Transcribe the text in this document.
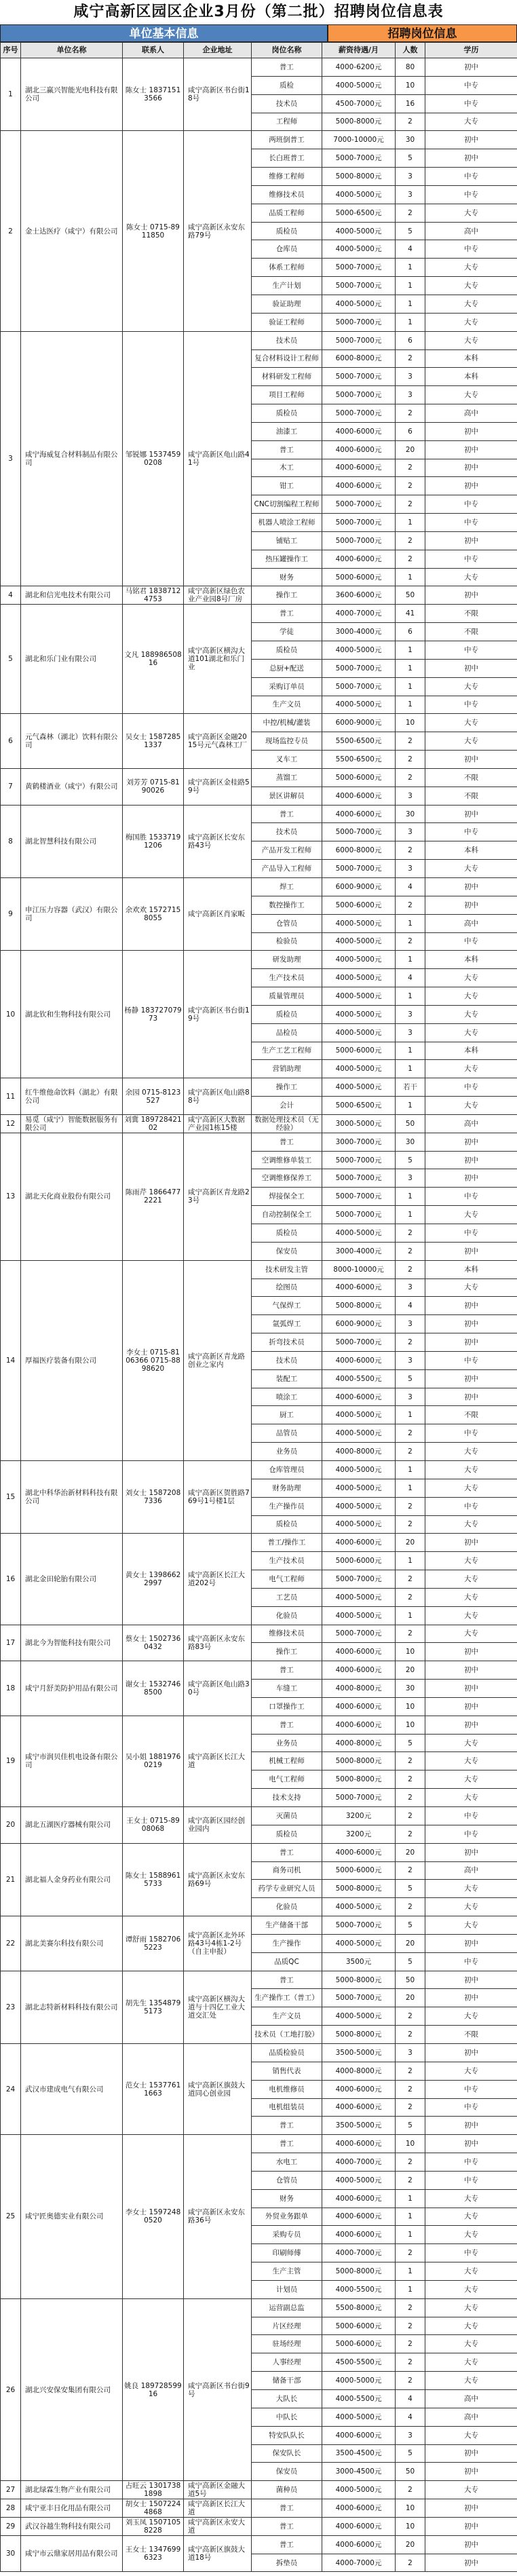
咸宁高新区园区企业3月份（第二批）招聘岗位信息表
单位基本信息	招聘岗位信息
序号	单位名称	联系人	企业地址	岗位名称	薪资待遇/月	人数	学历
1	湖北三赢兴智能光电科技有限公司	陈女士 18371513566	咸宁高新区书台街18号	普工	4000-6200元	80	初中
				质检	4000-5000元	10	中专
				技术员	4500-7000元	16	中专
				工程师	5000-8000元	2	大专
2	金士达医疗（咸宁）有限公司	陈女士 0715-8911850	咸宁高新区永安东路79号	两班倒普工	7000-10000元	30	初中
				长白班普工	5000-7000元	5	初中
				维修工程师	5000-8000元	3	中专
				维修技术员	4000-5000元	3	中专
				品质工程师	5000-6500元	2	大专
				质检员	4000-5000元	5	高中
				仓库员	4000-5000元	4	中专
				体系工程师	5000-7000元	1	大专
				生产计划	5000-7000元	1	大专
				验证助理	4000-5000元	1	大专
				验证工程师	5000-7000元	1	大专
3	咸宁海威复合材料制品有限公司	邹锐娜 15374590208	咸宁高新区龟山路41号	技术员	5000-7000元	6	大专
				复合材料设计工程师	6000-8000元	2	本科
				材料研发工程师	5000-7000元	3	本科
				项目工程师	5000-7000元	3	大专
				质检员	5000-7000元	2	高中
				油漆工	4000-6000元	6	初中
				普工	4000-6000元	20	初中
				木工	4000-6000元	2	初中
				钳工	4000-6000元	2	初中
				CNC切割编程工程师	5000-7000元	2	中专
				机器人喷涂工程师	5000-7000元	1	中专
				铺贴工	5000-7000元	2	初中
				热压罐操作工	4000-6000元	2	中专
				财务	5000-6000元	1	大专
4	湖北和信光电技术有限公司	马铭君 18387124753	咸宁高新区绿色农业产业园8号厂房	操作工	3600-6000元	50	初中
5	湖北和乐门业有限公司	文凡 18898650816	咸宁高新区横沟大道101湖北和乐门业	普工	4000-7000元	41	不限
				学徒	3000-4000元	6	不限
				质检员	4000-5000元	1	中专
				总厨+配送	5000-7000元	1	初中
				采购订单员	5000-7000元	1	大专
				生产文员	4000-5000元	1	中专
6	元气森林（湖北）饮料有限公司	吴女士 15872851337	咸宁高新区金融2015号元气森林工厂	中控/机械/灌装	6000-9000元	10	大专
				现场监控专员	5500-6500元	2	大专
				叉车工	5500-6500元	2	初中
7	黄鹤楼酒业（咸宁）有限公司	刘芳芳 0715-8190026	咸宁高新区金桂路59号	蒸馏工	5000-6000元	2	不限
				景区讲解员	4000-6000元	3	不限
8	湖北智慧科技有限公司	梅国胜 15337191206	咸宁高新区长安东路43号	普工	4000-6000元	30	初中
				技术员	5000-7000元	3	中专
				产品开发工程师	6000-8000元	2	本科
				产品导入工程师	5000-7000元	3	大专
9	申江压力容器（武汉）有限公司	余欢欢 15727158055	咸宁高新区肖家畈	焊工	6000-9000元	4	初中
				数控操作工	5000-6000元	2	初中
				仓管员	4000-5000元	1	高中
				检验员	4000-5000元	2	中专
10	湖北钦和生物科技有限公司	杨静 18372707973	咸宁高新区书台街19号	研发助理	4000-5000元	1	本科
				生产技术员	4000-5000元	4	大专
				质量管理员	4000-5000元	1	大专
				质检员	4000-5000元	3	大专
				品检员	4000-5000元	3	大专
				生产工艺工程师	5000-6000元	1	本科
				营销助理	4000-5000元	1	大专
11	红牛维他命饮料（湖北）有限公司	余园 0715-8123527	咸宁高新区龟山路88号	操作工	4000-5000元	若干	中专
				会计	5000-6500元	1	大专
12	易觅（咸宁）智能数据服务有限公司	刘冀 18972842102	咸宁高新区大数据产业园1栋15楼	数据处理技术员（无经验）	3000-5000元	50	高中
13	湖北天化商业股份有限公司	陈雨芹 18664772221	咸宁高新区青龙路23号	普工	3000-7000元	30	初中
				空调维修单装工	5000-7000元	5	初中
				空调维修保养工	5000-7000元	3	初中
				焊接保全工	5000-7000元	1	中专
				自动控制保全工	5000-7000元	1	大专
				质检员	4000-5000元	2	中专
				保安员	3000-4000元	2	初中
14	厚福医疗装备有限公司	李女士 0715-8106366 0715-8898620	咸宁高新区青龙路创业之家内	技术研发主管	8000-10000元	2	本科
				绘图员	4000-6000元	3	大专
				气保焊工	5000-8000元	4	初中
				氩弧焊工	6000-9000元	3	初中
				折弯技术员	5000-7000元	2	初中
				技术员	4000-6000元	3	中专
				装配工	4000-5500元	5	初中
				喷涂工	4000-6000元	3	初中
				厨工	4000-5000元	1	不限
				品管员	4000-5000元	2	中专
				业务员	4000-8000元	2	大专
15	湖北中科华治新材料科技有限公司	刘女士 15872087336	咸宁高新区贺胜路769号1号楼1层	仓库管理员	4000-5000元	1	大专
				财务助理	4000-5000元	1	大专
				生产操作员	4000-5000元	2	中专
				质检员	4000-5000元	2	大专
16	湖北金田轮胎有限公司	黄女士 13986622997	咸宁高新区长江大道202号	普工/操作工	4000-6000元	20	初中
				生产技术员	5000-6000元	1	大专
				电气工程师	5000-7000元	2	大专
				工艺员	4000-5000元	2	大专
				化验员	4000-5000元	1	大专
17	湖北今为智能科技有限公司	蔡女士 15027360432	咸宁高新区永安东路83号	维修技术员	5000-7000元	2	大专
				操作工	4000-6000元	10	初中
18	咸宁月舒美防护用品有限公司	谢女士 15327468500	咸宁高新区龟山路30号	普工	4000-6000元	20	初中
				车缝工	4000-8000元	30	初中
				口罩操作工	4000-6000元	10	初中
19	咸宁市润贝佳机电设备有限公司	吴小姐 18819760219	咸宁高新区长江大道	普工	4000-6000元	10	初中
				业务员	4000-8000元	5	大专
				机械工程师	5000-8000元	2	大专
				电气工程师	5000-8000元	2	大专
				技术支持	5000-7000元	2	大专
20	湖北五湖医疗器械有限公司	王女士 0715-8908068	咸宁高新区园经创业园内	灭菌员	3200元	2	中专
				质检员	3200元	2	中专
21	湖北福人金身药业有限公司	陈女士 15889615733	咸宁高新区永安东路69号	普工	4000-6000元	20	初中
				商务司机	5000-6000元	2	高中
				药学专业研究人员	5000-8000元	5	大专
				化验员	4000-5000元	2	大专
22	湖北美赛尔科技有限公司	谭舒雨 15827065223	咸宁高新区北外环路43号4栋1-2号（自主申报）	生产储备干部	5000-7000元	5	大专
				生产操作	4000-5000元	20	初中
				品质QC	3500元	5	中专
23	湖北志特新材料科技有限公司	胡先生 13548795173	咸宁高新区横沟大道与十四亿工业大道交汇处	普工	5000-8000元	50	初中
				生产操作工（普工）	5000-7000元	20	初中
				生产文员	4000-5000元	2	大专
				技术员（工地打胶）	5000-8000元	2	不限
24	武汉市建成电气有限公司	范女士 15377611663	咸宁高新区旗鼓大道同心创业园	品质检验员	3500-5000元	3	初中
				销售代表	4000-8000元	2	大专
				电机维修员	4000-6000元	2	中专
				电机组装员	4000-6000元	2	中专
				普工	3500-5000元	5	初中
25	咸宁匠奥德实业有限公司	李女士 15972480520	咸宁高新区永安东路36号	普工	4000-6000元	10	初中
				水电工	4000-7000元	2	中专
				仓管员	4000-5000元	2	中专
				财务	4000-6000元	1	大专
				外贸业务跟单	4000-6000元	1	大专
				采购专员	4000-6000元	1	大专
				印刷师傅	4000-7000元	2	中专
				生产主管	5000-8000元	1	大专
				计划员	4000-5500元	1	大专
26	湖北兴安保安集团有限公司	姚良 18972859916	咸宁高新区书台街9号	运营副总监	5500-8000元	2	大专
				片区经理	5000-6000元	2	大专
				驻场经理	5000-6000元	2	大专
				人事经理	4500-5500元	2	大专
				储备干部	4000-5000元	2	大专
				大队长	4000-5500元	4	高中
				中队长	4000-5000元	4	高中
				特安队队长	4000-6000元	3	大专
				保安队长	3500-4500元	5	初中
				保安员	3000-4500元	50	初中
27	湖北绿霖生物产业有限公司	占旺云 13017381898	咸宁高新区金融大道5号	菌种员	4000-5000元	2	大专
28	咸宁亚丰日化用品有限公司	胡女士 15072244868	咸宁高新区长江大道	普工	4000-6000元	10	初中
29	武汉谷越生物科技有限公司	刘玉凤 15071058228	咸宁高新区永安大道	普工	4000-6000元	10	初中
30	咸宁市云鼎家居用品有限公司	王女士 13476996323	咸宁高新区旗鼓大道18号	普工	4000-6000元	20	初中
				拆垫员	4000-7000元	2	初中
